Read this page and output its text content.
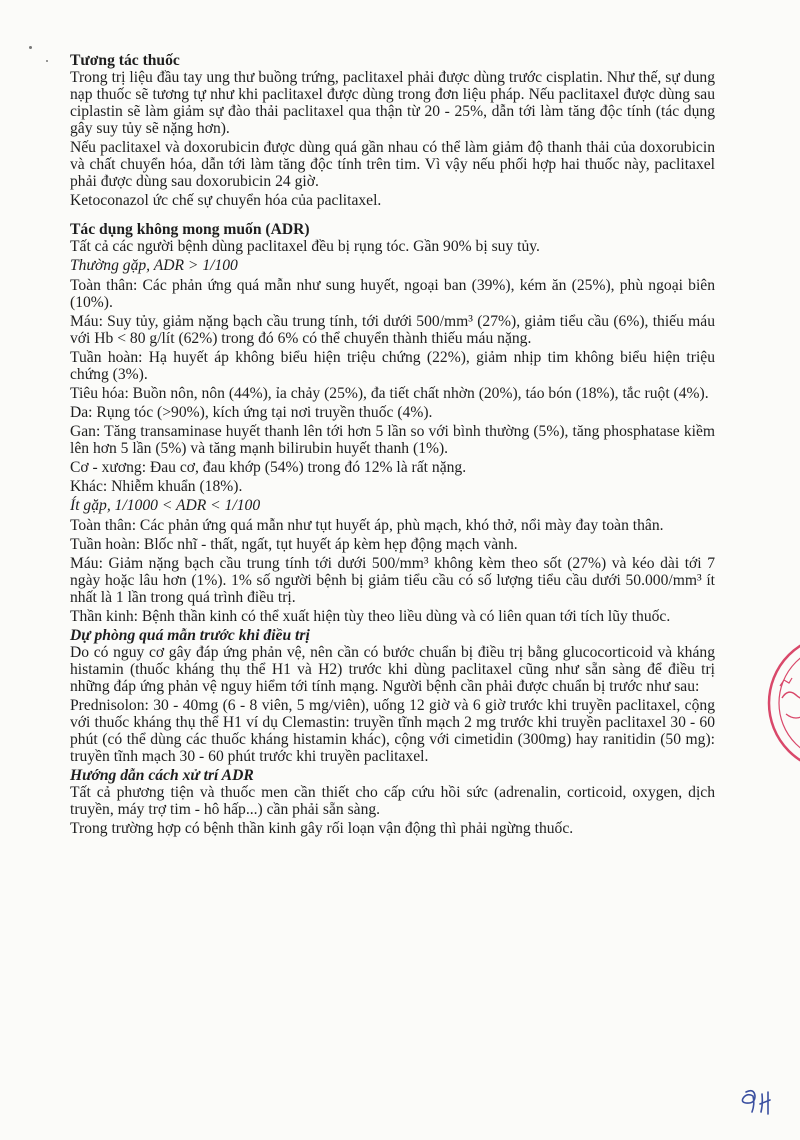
Tương tác thuốc
Trong trị liệu đầu tay ung thư buồng trứng, paclitaxel phải được dùng trước cisplatin. Như thế, sự dung nạp thuốc sẽ tương tự như khi paclitaxel được dùng trong đơn liệu pháp. Nếu paclitaxel được dùng sau ciplastin sẽ làm giảm sự đào thải paclitaxel qua thận từ 20 - 25%, dẫn tới làm tăng độc tính (tác dụng gây suy tủy sẽ nặng hơn).
Nếu paclitaxel và doxorubicin được dùng quá gần nhau có thể làm giảm độ thanh thải của doxorubicin và chất chuyển hóa, dẫn tới làm tăng độc tính trên tim. Vì vậy nếu phối hợp hai thuốc này, paclitaxel phải được dùng sau doxorubicin 24 giờ.
Ketoconazol ức chế sự chuyển hóa của paclitaxel.
Tác dụng không mong muốn (ADR)
Tất cả các người bệnh dùng paclitaxel đều bị rụng tóc. Gần 90% bị suy tủy.
Thường gặp, ADR > 1/100
Toàn thân: Các phản ứng quá mẫn như sung huyết, ngoại ban (39%), kém ăn (25%), phù ngoại biên (10%).
Máu: Suy tủy, giảm nặng bạch cầu trung tính, tới dưới 500/mm³ (27%), giảm tiểu cầu (6%), thiếu máu với Hb < 80 g/lít (62%) trong đó 6% có thể chuyển thành thiếu máu nặng.
Tuần hoàn: Hạ huyết áp không biểu hiện triệu chứng (22%), giảm nhịp tim không biểu hiện triệu chứng (3%).
Tiêu hóa: Buồn nôn, nôn (44%), ỉa chảy (25%), đa tiết chất nhờn (20%), táo bón (18%), tắc ruột (4%).
Da: Rụng tóc (>90%), kích ứng tại nơi truyền thuốc (4%).
Gan: Tăng transaminase huyết thanh lên tới hơn 5 lần so với bình thường (5%), tăng phosphatase kiềm lên hơn 5 lần (5%) và tăng mạnh bilirubin huyết thanh (1%).
Cơ - xương: Đau cơ, đau khớp (54%) trong đó 12% là rất nặng.
Khác: Nhiễm khuẩn (18%).
Ít gặp, 1/1000 < ADR < 1/100
Toàn thân: Các phản ứng quá mẫn như tụt huyết áp, phù mạch, khó thở, nổi mày đay toàn thân.
Tuần hoàn: Blốc nhĩ - thất, ngất, tụt huyết áp kèm hẹp động mạch vành.
Máu: Giảm nặng bạch cầu trung tính tới dưới 500/mm³ không kèm theo sốt (27%) và kéo dài tới 7 ngày hoặc lâu hơn (1%). 1% số người bệnh bị giảm tiểu cầu có số lượng tiểu cầu dưới 50.000/mm³ ít nhất là 1 lần trong quá trình điều trị.
Thần kinh: Bệnh thần kinh có thể xuất hiện tùy theo liều dùng và có liên quan tới tích lũy thuốc.
Dự phòng quá mẫn trước khi điều trị
Do có nguy cơ gây đáp ứng phản vệ, nên cần có bước chuẩn bị điều trị bằng glucocorticoid và kháng histamin (thuốc kháng thụ thể H1 và H2) trước khi dùng paclitaxel cũng như sẵn sàng để điều trị những đáp ứng phản vệ nguy hiểm tới tính mạng. Người bệnh cần phải được chuẩn bị trước như sau:
Prednisolon: 30 - 40mg (6 - 8 viên, 5 mg/viên), uống 12 giờ và 6 giờ trước khi truyền paclitaxel, cộng với thuốc kháng thụ thể H1 ví dụ Clemastin: truyền tĩnh mạch 2 mg trước khi truyền paclitaxel 30 - 60 phút (có thể dùng các thuốc kháng histamin khác), cộng với cimetidin (300mg) hay ranitidin (50 mg): truyền tĩnh mạch 30 - 60 phút trước khi truyền paclitaxel.
Hướng dẫn cách xử trí ADR
Tất cả phương tiện và thuốc men cần thiết cho cấp cứu hồi sức (adrenalin, corticoid, oxygen, dịch truyền, máy trợ tim - hô hấp...) cần phải sẵn sàng.
Trong trường hợp có bệnh thần kinh gây rối loạn vận động thì phải ngừng thuốc.
